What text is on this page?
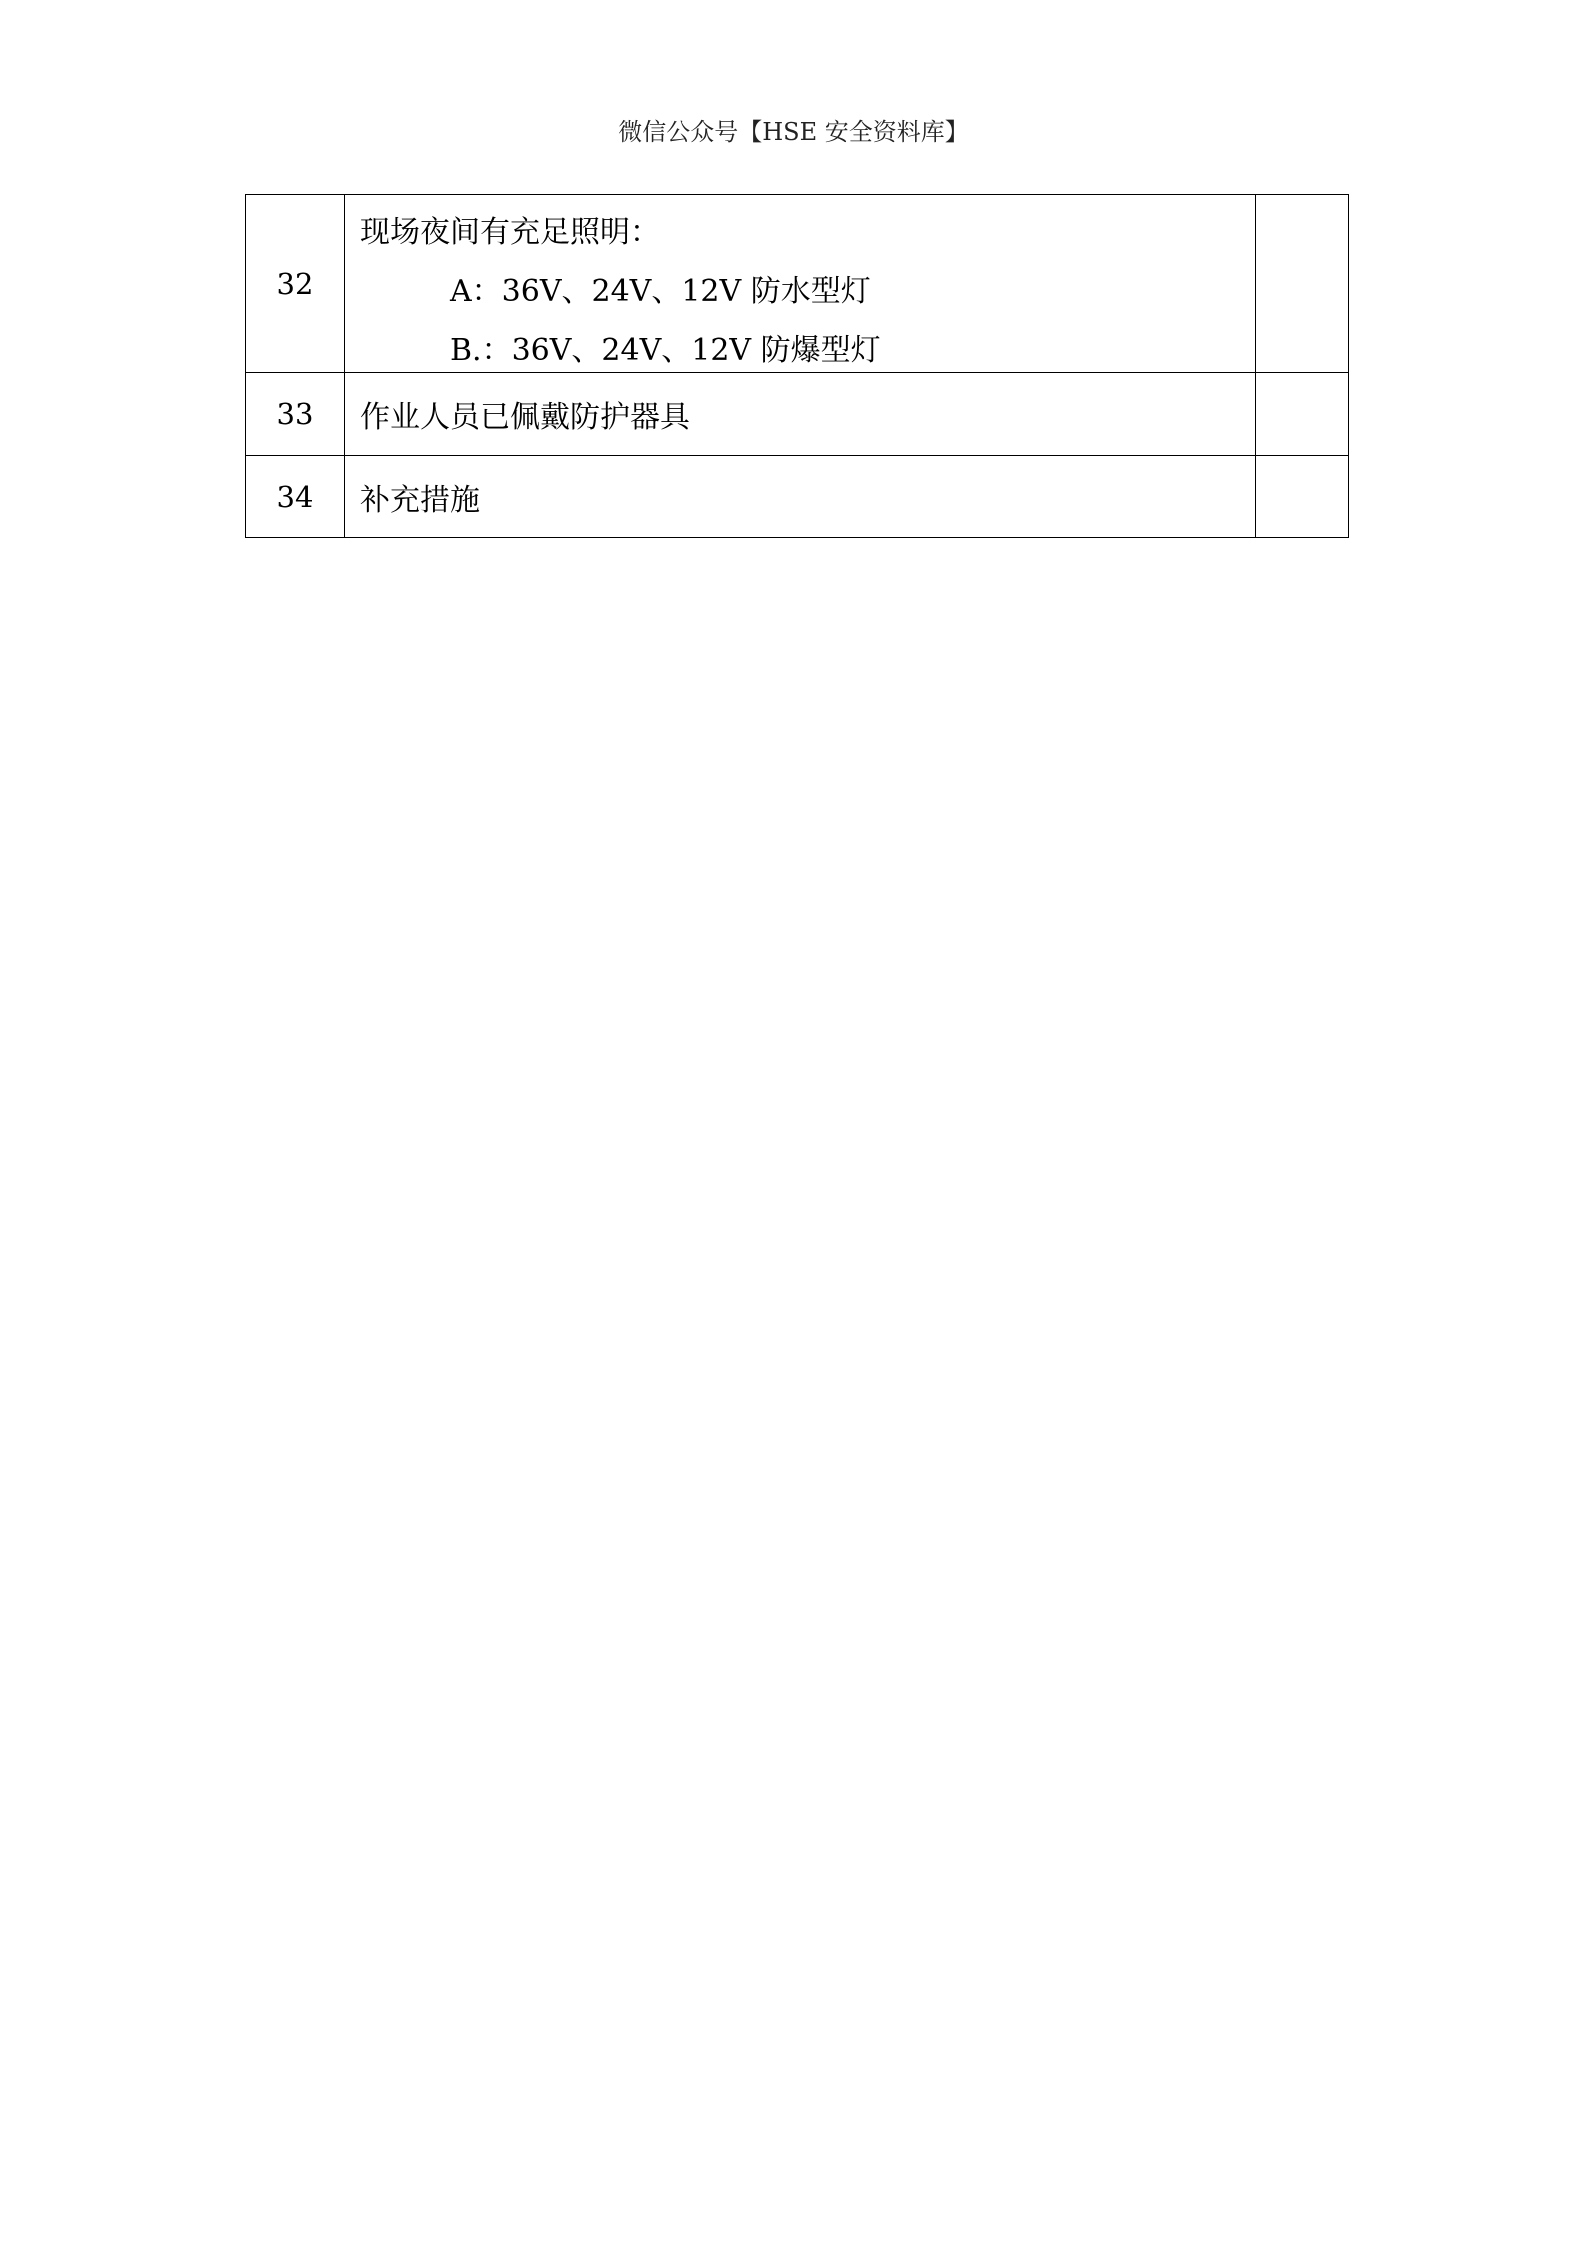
微信公众号【HSE 安全资料库】
32
现场夜间有充足照明：
A：36V、24V、12V 防水型灯
B.：36V、24V、12V 防爆型灯
33	作业人员已佩戴防护器具
34	补充措施
